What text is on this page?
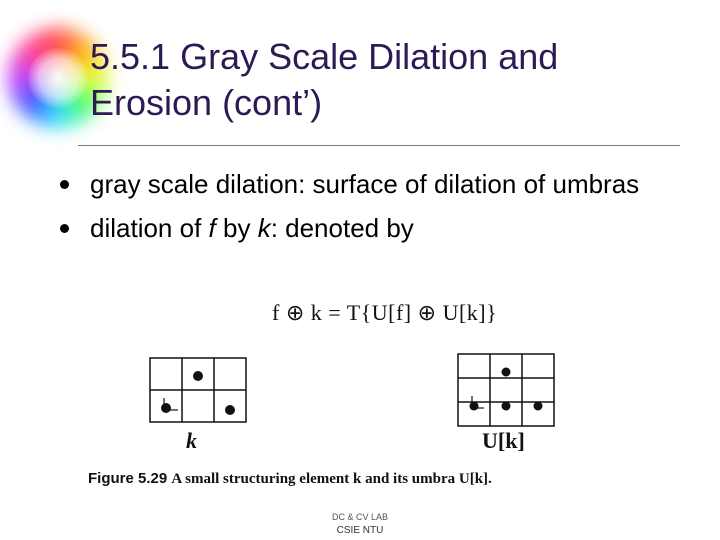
5.5.1 Gray Scale Dilation and
Erosion (cont’)
gray scale dilation: surface of dilation of umbras
dilation of f by k: denoted by
f ⊕ k = T{U[f] ⊕ U[k]}
k	U[k]
Figure 5.29 A small structuring element k and its umbra U[k].
DC & CV LAB
CSIE NTU
